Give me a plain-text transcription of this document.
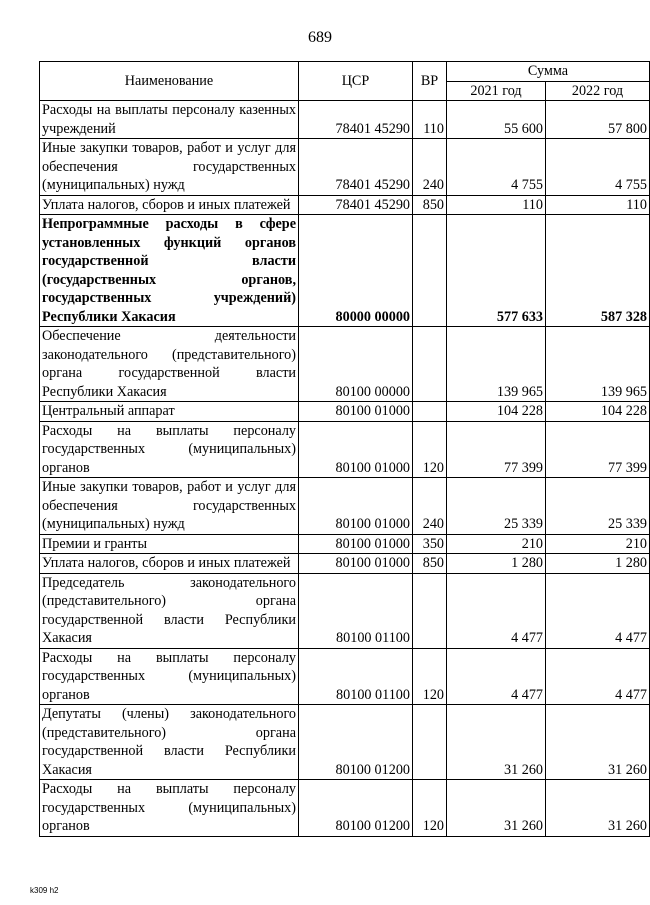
689
Наименование	ЦСР	ВР	Сумма	
			2021 год	2022 год
Расходы на выплаты персоналу казенных учреждений	78401 45290	110	55 600	57 800
Иные закупки товаров, работ и услуг для обеспечения государственных (муниципальных) нужд	78401 45290	240	4 755	4 755
Уплата налогов, сборов и иных платежей	78401 45290	850	110	110
Непрограммные расходы в сфере установленных функций органов государственной власти (государственных органов, государственных учреждений) Республики Хакасия	80000 00000		577 633	587 328
Обеспечение деятельности законодательного (представительного) органа государственной власти Республики Хакасия	80100 00000		139 965	139 965
Центральный аппарат	80100 01000		104 228	104 228
Расходы на выплаты персоналу государственных (муниципальных) органов	80100 01000	120	77 399	77 399
Иные закупки товаров, работ и услуг для обеспечения государственных (муниципальных) нужд	80100 01000	240	25 339	25 339
Премии и гранты	80100 01000	350	210	210
Уплата налогов, сборов и иных платежей	80100 01000	850	1 280	1 280
Председатель законодательного (представительного) органа государственной власти Республики Хакасия	80100 01100		4 477	4 477
Расходы на выплаты персоналу государственных (муниципальных) органов	80100 01100	120	4 477	4 477
Депутаты (члены) законодательного (представительного) органа государственной власти Республики Хакасия	80100 01200		31 260	31 260
Расходы на выплаты персоналу государственных (муниципальных) органов	80100 01200	120	31 260	31 260
k309 h2
